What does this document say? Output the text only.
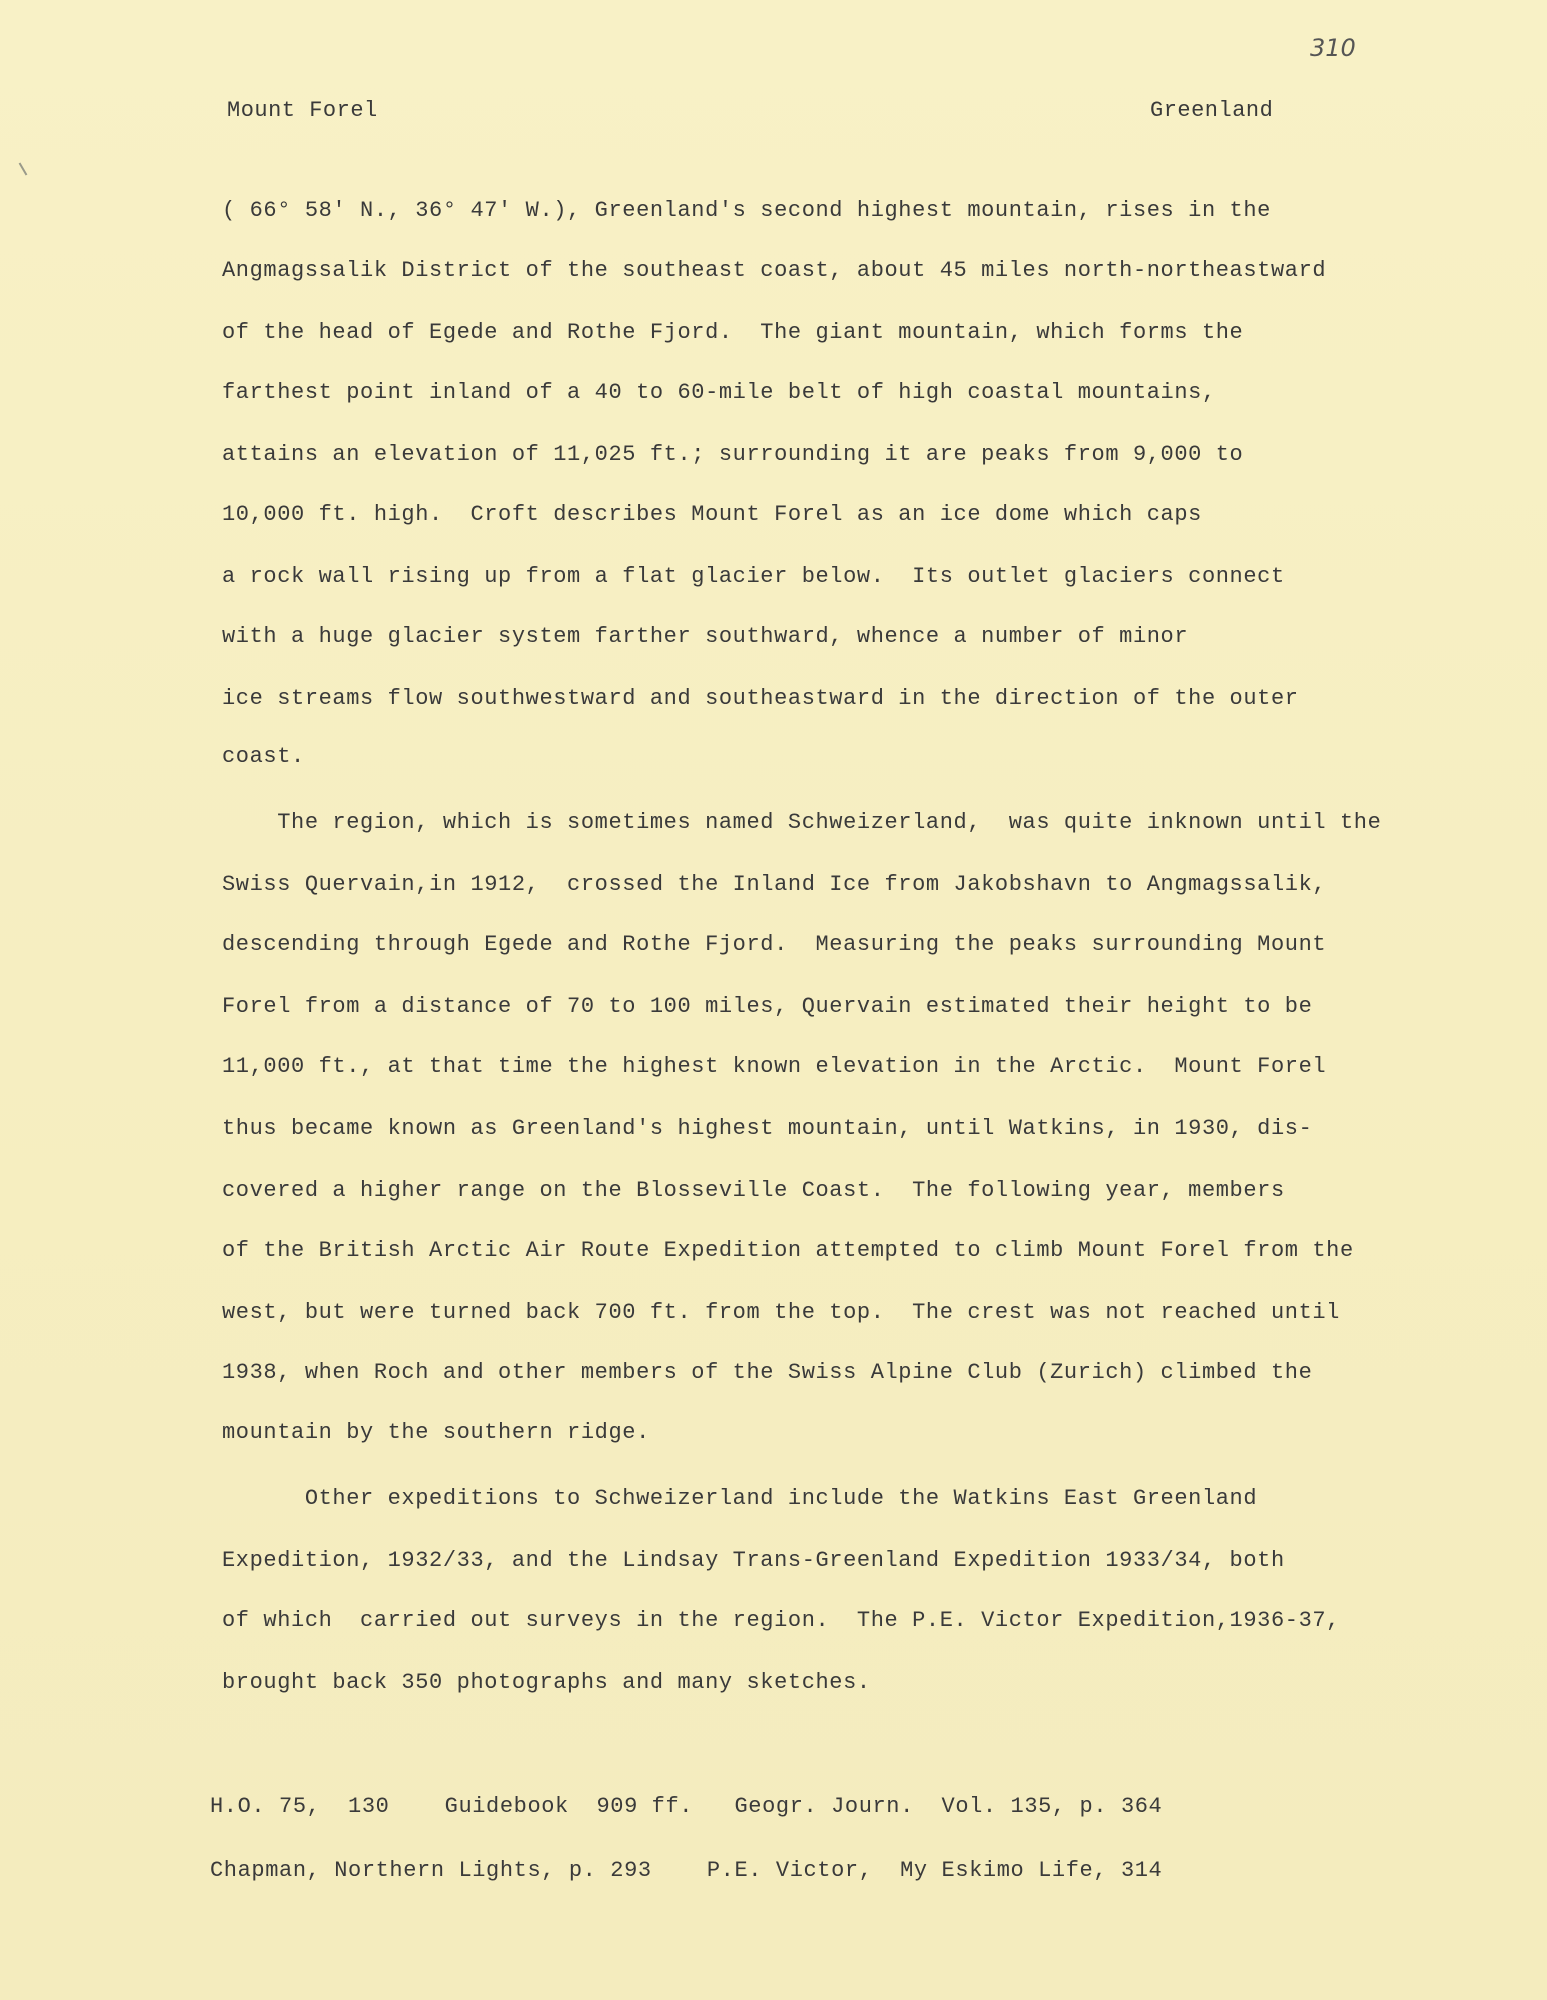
310
Mount Forel	Greenland
( 66° 58' N., 36° 47' W.), Greenland's second highest mountain, rises in the
Angmagssalik District of the southeast coast, about 45 miles north-northeastward
of the head of Egede and Rothe Fjord.  The giant mountain, which forms the
farthest point inland of a 40 to 60-mile belt of high coastal mountains,
attains an elevation of 11,025 ft.; surrounding it are peaks from 9,000 to
10,000 ft. high.  Croft describes Mount Forel as an ice dome which caps
a rock wall rising up from a flat glacier below.  Its outlet glaciers connect
with a huge glacier system farther southward, whence a number of minor
ice streams flow southwestward and southeastward in the direction of the outer
coast.
The region, which is sometimes named Schweizerland,  was quite inknown until the
Swiss Quervain,in 1912,  crossed the Inland Ice from Jakobshavn to Angmagssalik,
descending through Egede and Rothe Fjord.  Measuring the peaks surrounding Mount
Forel from a distance of 70 to 100 miles, Quervain estimated their height to be
11,000 ft., at that time the highest known elevation in the Arctic.  Mount Forel
thus became known as Greenland's highest mountain, until Watkins, in 1930, dis-
covered a higher range on the Blosseville Coast.  The following year, members
of the British Arctic Air Route Expedition attempted to climb Mount Forel from the
west, but were turned back 700 ft. from the top.  The crest was not reached until
1938, when Roch and other members of the Swiss Alpine Club (Zurich) climbed the
mountain by the southern ridge.
Other expeditions to Schweizerland include the Watkins East Greenland
Expedition, 1932/33, and the Lindsay Trans-Greenland Expedition 1933/34, both
of which  carried out surveys in the region.  The P.E. Victor Expedition,1936-37,
brought back 350 photographs and many sketches.
H.O. 75,  130    Guidebook  909 ff.   Geogr. Journ.  Vol. 135, p. 364
Chapman, Northern Lights, p. 293    P.E. Victor,  My Eskimo Life, 314
